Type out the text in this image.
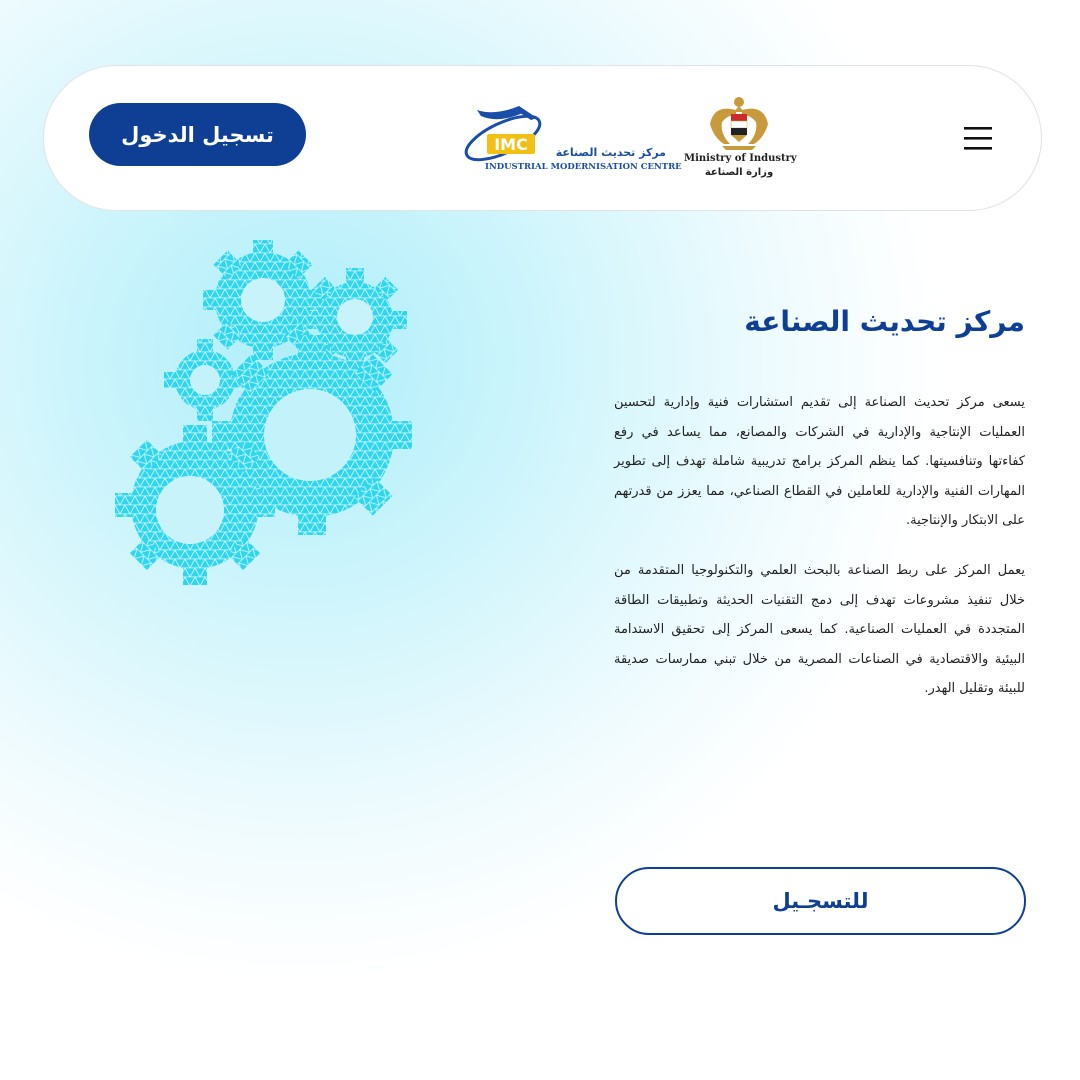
تسجيل الدخول	IMC	مركز تحديث الصناعة
INDUSTRIAL MODERNISATION CENTRE
Ministry of Industry
وزارة الصناعة
مركز تحديث الصناعة

يسعى مركز تحديث الصناعة إلى تقديم استشارات فنية وإدارية لتحسين العمليات الإنتاجية والإدارية في الشركات والمصانع، مما يساعد في رفع كفاءتها وتنافسيتها. كما ينظم المركز برامج تدريبية شاملة تهدف إلى تطوير المهارات الفنية والإدارية للعاملين في القطاع الصناعي، مما يعزز من قدرتهم على الابتكار والإنتاجية.

يعمل المركز على ربط الصناعة بالبحث العلمي والتكنولوجيا المتقدمة من خلال تنفيذ مشروعات تهدف إلى دمج التقنيات الحديثة وتطبيقات الطاقة المتجددة في العمليات الصناعية. كما يسعى المركز إلى تحقيق الاستدامة البيئية والاقتصادية في الصناعات المصرية من خلال تبني ممارسات صديقة للبيئة وتقليل الهدر.

للتسجـيل
